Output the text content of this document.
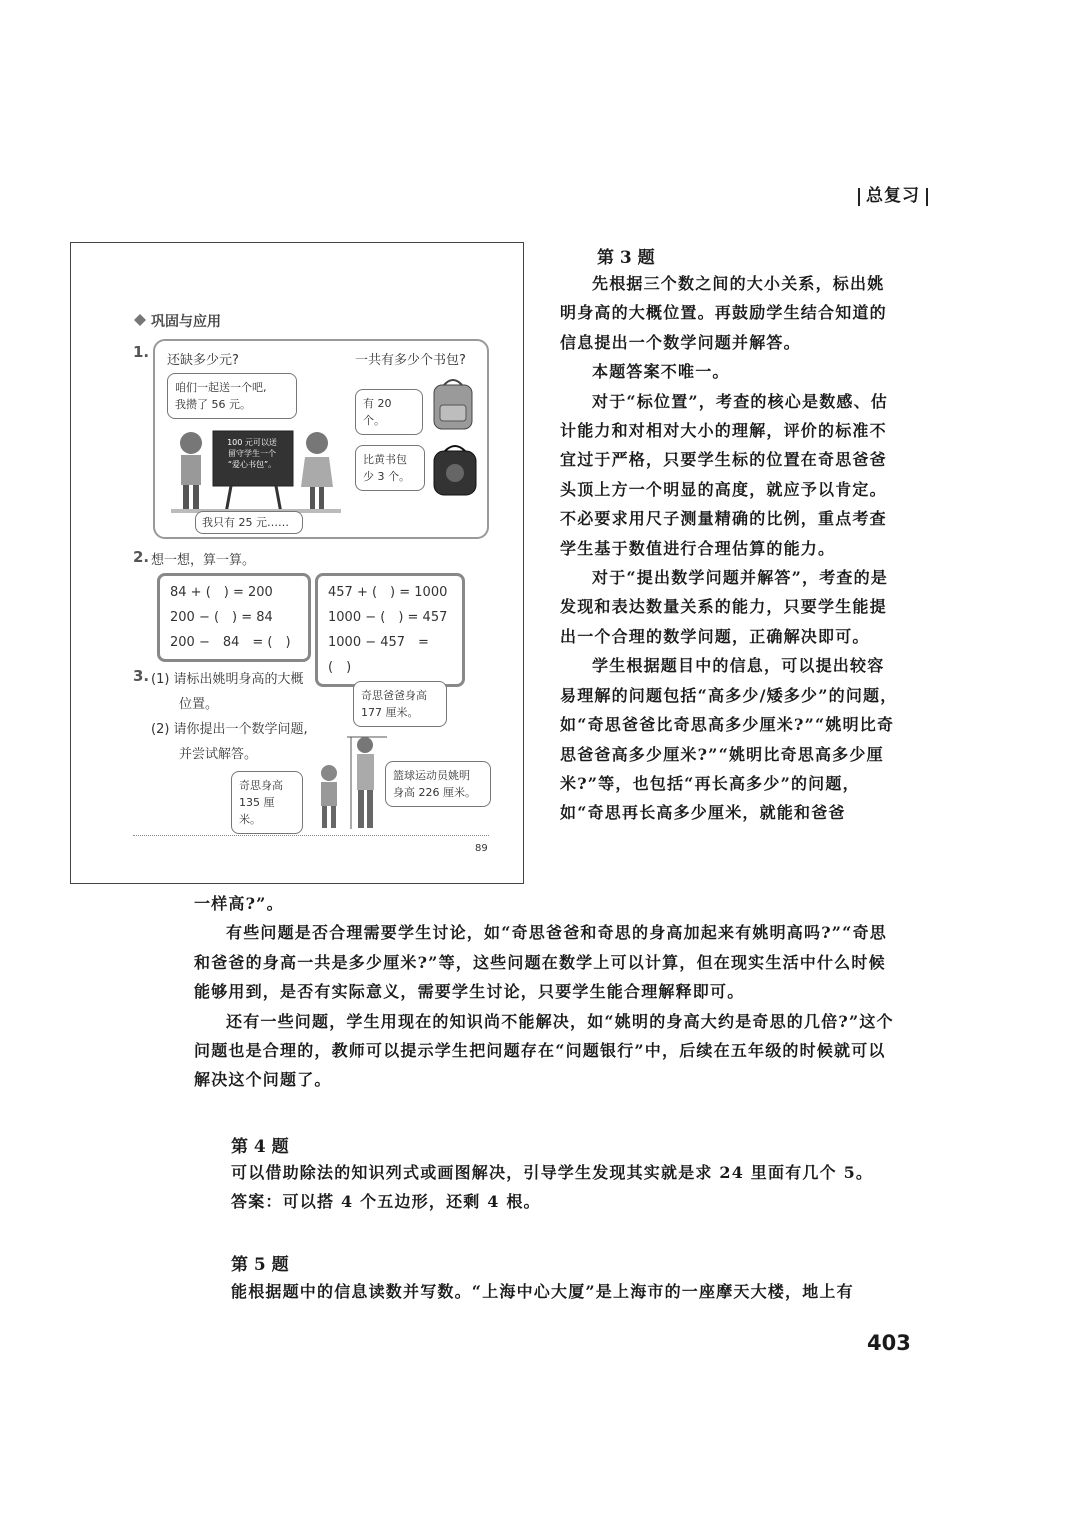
总复习
巩固与应用
1. 还缺多少元?	一共有多少个书包?
咱们一起送一个吧,
我攒了 56 元。
100 元可以送
留守学生一个
“爱心书包”。
我只有 25 元……
有 20 个。
比黄书包
少 3 个。
2. 想一想，算一算。
84 + (　) = 200
200 − (　) = 84
200 −　84　= (　)
457 + (　) = 1000
1000 − (　) = 457
1000 − 457　= (　)
3. (1) 请标出姚明身高的大概
位置。
(2) 请你提出一个数学问题,
并尝试解答。
奇思爸爸身高
177 厘米。
奇思身高
135 厘米。
篮球运动员姚明
身高 226 厘米。
89
第 3 题

先根据三个数之间的大小关系，标出姚明身高的大概位置。再鼓励学生结合知道的信息提出一个数学问题并解答。

本题答案不唯一。

对于“标位置”，考查的核心是数感、估计能力和对相对大小的理解，评价的标准不宜过于严格，只要学生标的位置在奇思爸爸头顶上方一个明显的高度，就应予以肯定。不必要求用尺子测量精确的比例，重点考查学生基于数值进行合理估算的能力。

对于“提出数学问题并解答”，考查的是发现和表达数量关系的能力，只要学生能提出一个合理的数学问题，正确解决即可。

学生根据题目中的信息，可以提出较容易理解的问题包括“高多少/矮多少”的问题，如“奇思爸爸比奇思高多少厘米?”“姚明比奇思爸爸高多少厘米?”“姚明比奇思高多少厘米?”等，也包括“再长高多少”的问题，如“奇思再长高多少厘米，就能和爸爸

一样高?”。

有些问题是否合理需要学生讨论，如“奇思爸爸和奇思的身高加起来有姚明高吗?”“奇思和爸爸的身高一共是多少厘米?”等，这些问题在数学上可以计算，但在现实生活中什么时候能够用到，是否有实际意义，需要学生讨论，只要学生能合理解释即可。

还有一些问题，学生用现在的知识尚不能解决，如“姚明的身高大约是奇思的几倍?”这个问题也是合理的，教师可以提示学生把问题存在“问题银行”中，后续在五年级的时候就可以解决这个问题了。

第 4 题

可以借助除法的知识列式或画图解决，引导学生发现其实就是求 24 里面有几个 5。

答案：可以搭 4 个五边形，还剩 4 根。

第 5 题

能根据题中的信息读数并写数。“上海中心大厦”是上海市的一座摩天大楼，地上有

403
